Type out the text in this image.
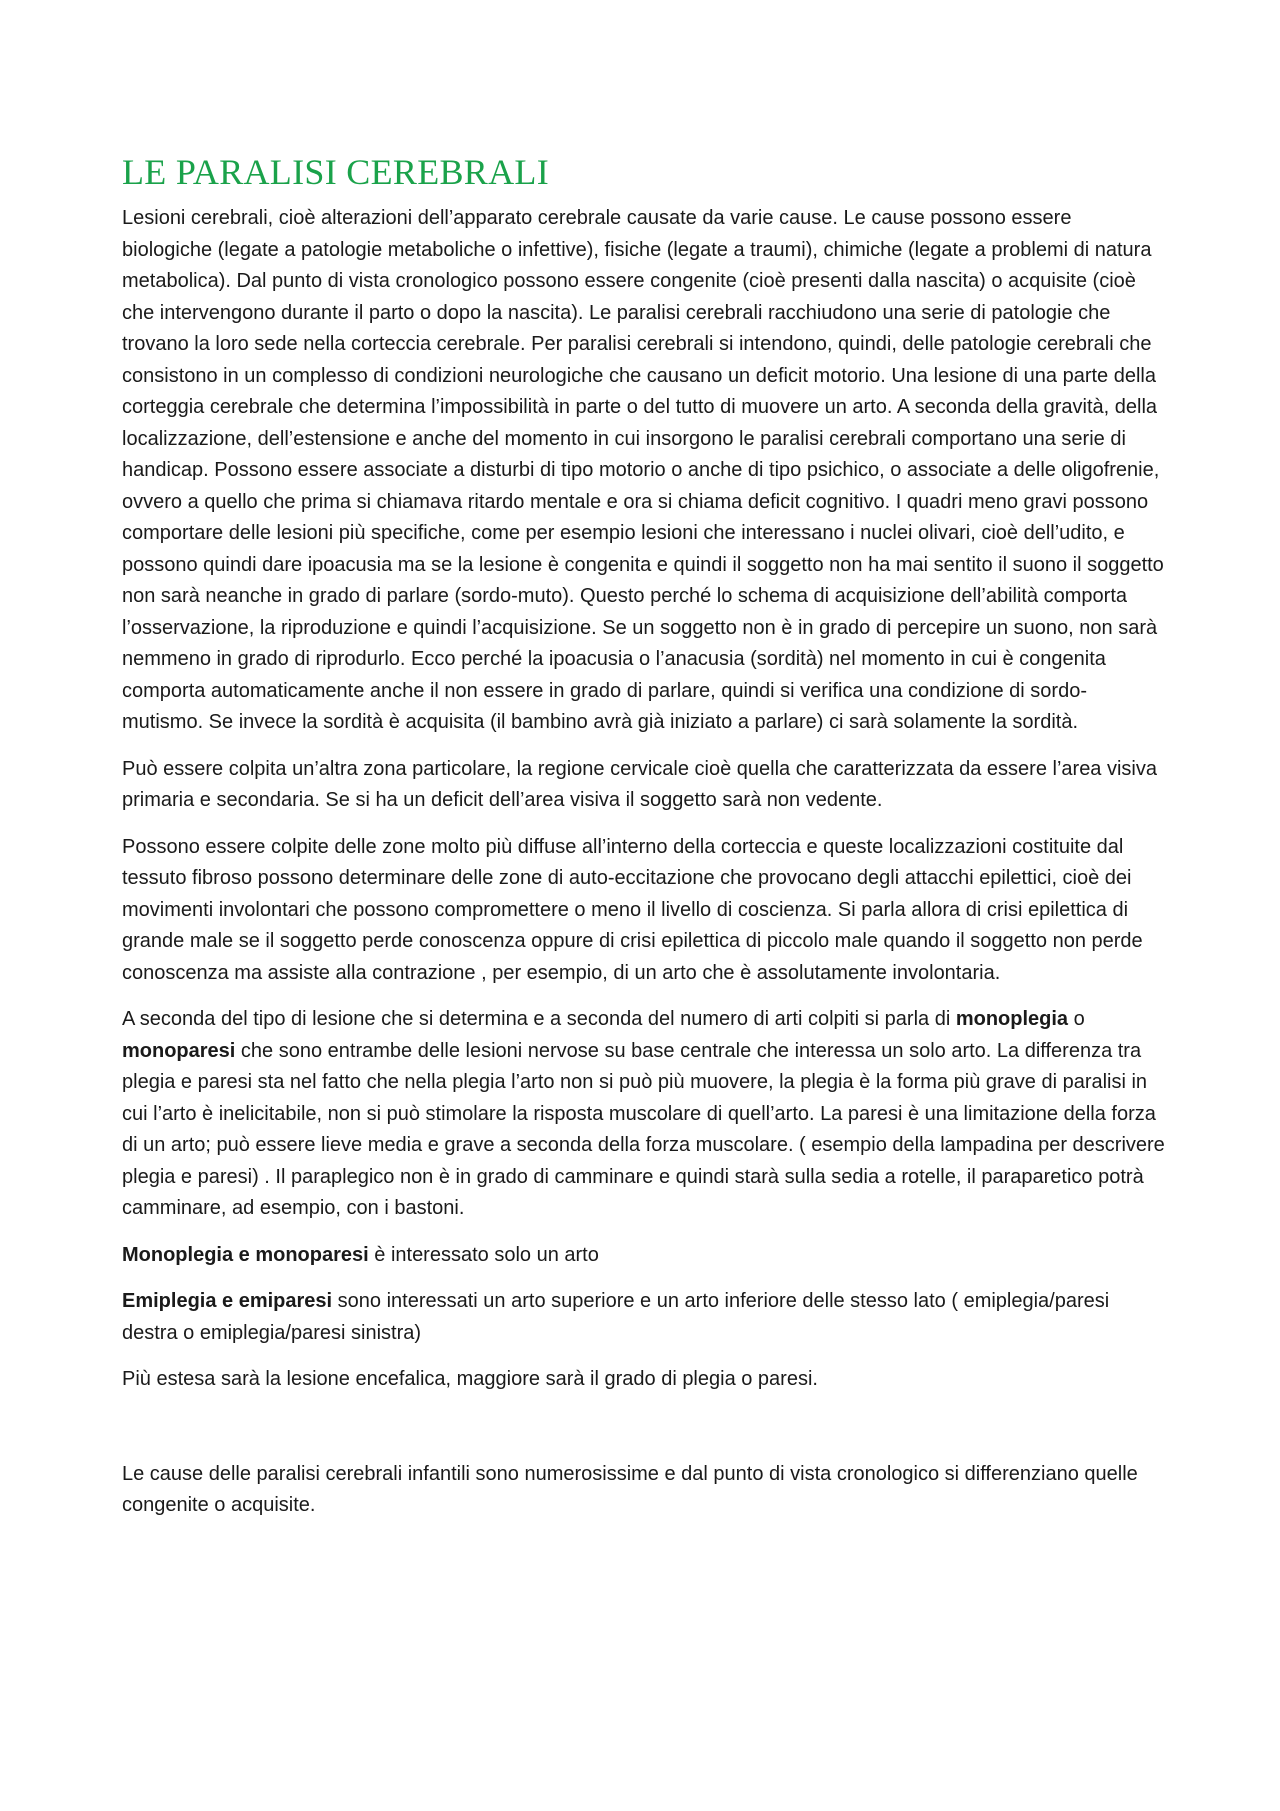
LE PARALISI CEREBRALI

Lesioni cerebrali, cioè alterazioni dell’apparato cerebrale causate da varie cause. Le cause possono essere biologiche (legate a patologie metaboliche o infettive), fisiche (legate a traumi), chimiche (legate a problemi di natura metabolica). Dal punto di vista cronologico possono essere congenite (cioè presenti dalla nascita) o acquisite (cioè che intervengono durante il parto o dopo la nascita). Le paralisi cerebrali racchiudono una serie di patologie che trovano la loro sede nella corteccia cerebrale. Per paralisi cerebrali si intendono, quindi, delle patologie cerebrali che consistono in un complesso di condizioni neurologiche che causano un deficit motorio. Una lesione di una parte della corteggia cerebrale che determina l’impossibilità in parte o del tutto di muovere un arto. A seconda della gravità, della localizzazione, dell’estensione e anche del momento in cui insorgono le paralisi cerebrali comportano una serie di handicap. Possono essere associate a disturbi di tipo motorio o anche di tipo psichico, o associate a delle oligofrenie, ovvero a quello che prima si chiamava ritardo mentale e ora si chiama deficit cognitivo. I quadri meno gravi possono comportare delle lesioni più specifiche, come per esempio lesioni che interessano i nuclei olivari, cioè dell’udito, e possono quindi dare ipoacusia ma se la lesione è congenita e quindi il soggetto non ha mai sentito il suono il soggetto non sarà neanche in grado di parlare (sordo-muto). Questo perché lo schema di acquisizione dell’abilità comporta l’osservazione, la riproduzione e quindi l’acquisizione. Se un soggetto non è in grado di percepire un suono, non sarà nemmeno in grado di riprodurlo. Ecco perché la ipoacusia o l’anacusia (sordità) nel momento in cui è congenita comporta automaticamente anche il non essere in grado di parlare, quindi si verifica una condizione di sordo-mutismo. Se invece la sordità è acquisita (il bambino avrà già iniziato a parlare) ci sarà solamente la sordità.

Può essere colpita un’altra zona particolare, la regione cervicale cioè quella che caratterizzata da essere l’area visiva primaria e secondaria. Se si ha un deficit dell’area visiva il soggetto sarà non vedente.

Possono essere colpite delle zone molto più diffuse all’interno della corteccia e queste localizzazioni costituite dal tessuto fibroso possono determinare delle zone di auto-eccitazione che provocano degli attacchi epilettici, cioè dei movimenti involontari che possono compromettere o meno il livello di coscienza. Si parla allora di crisi epilettica di grande male se il soggetto perde conoscenza oppure di crisi epilettica di piccolo male quando il soggetto non perde conoscenza ma assiste alla contrazione , per esempio, di un arto che è assolutamente involontaria.

A seconda del tipo di lesione che si determina e a seconda del numero di arti colpiti si parla di monoplegia o monoparesi che sono entrambe delle lesioni nervose su base centrale che interessa un solo arto. La differenza tra plegia e paresi sta nel fatto che nella plegia l’arto non si può più muovere, la plegia è la forma più grave di paralisi in cui l’arto è inelicitabile, non si può stimolare la risposta muscolare di quell’arto. La paresi è una limitazione della forza di un arto; può essere lieve media e grave a seconda della forza muscolare. ( esempio della lampadina per descrivere plegia e paresi) . Il paraplegico non è in grado di camminare e quindi starà sulla sedia a rotelle, il paraparetico potrà camminare, ad esempio, con i bastoni.

Monoplegia e monoparesi è interessato solo un arto

Emiplegia e emiparesi sono interessati un arto superiore e un arto inferiore delle stesso lato ( emiplegia/paresi destra o emiplegia/paresi sinistra)

Più estesa sarà la lesione encefalica, maggiore sarà il grado di plegia o paresi.

Le cause delle paralisi cerebrali infantili sono numerosissime e dal punto di vista cronologico si differenziano quelle congenite o acquisite.
